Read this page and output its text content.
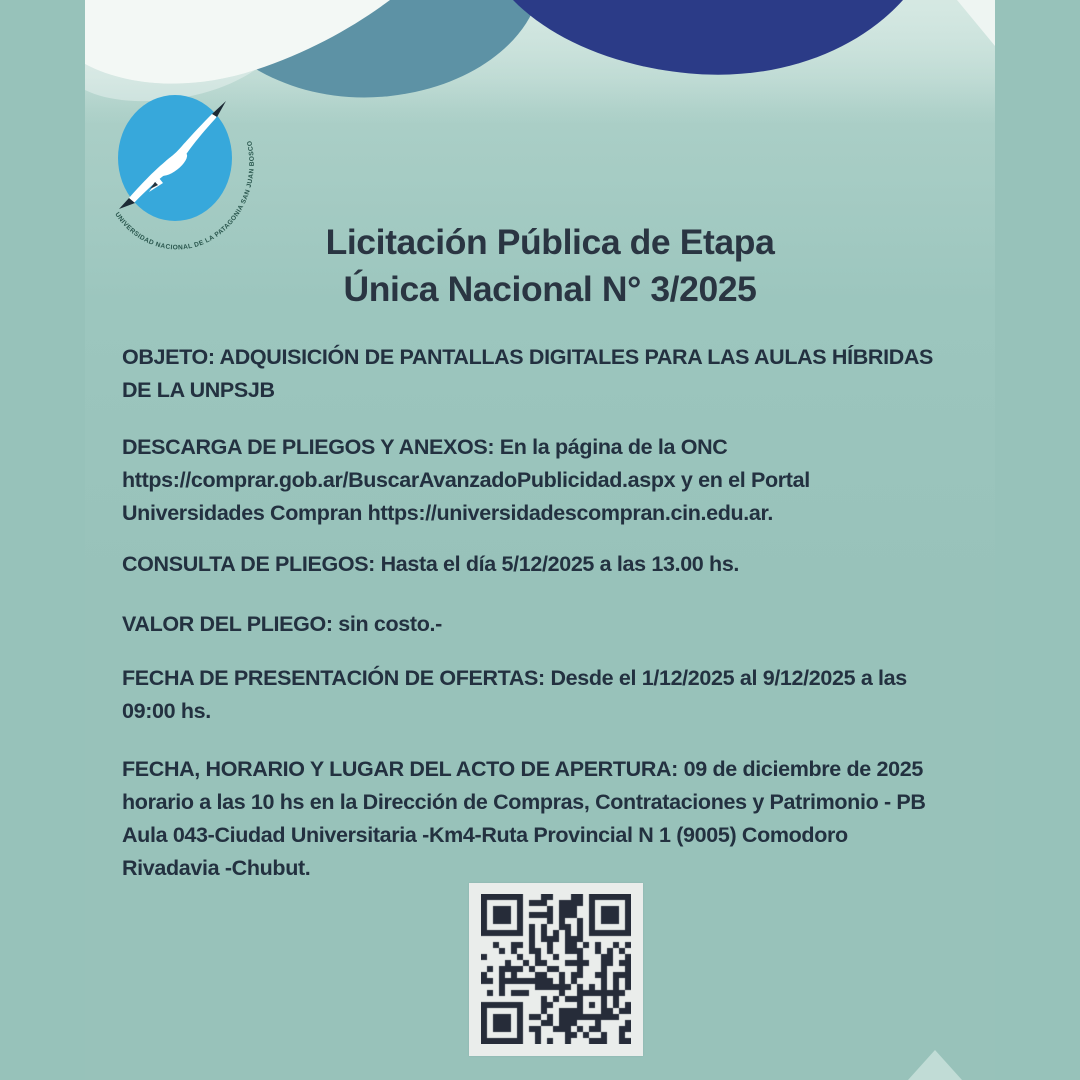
UNIVERSIDAD NACIONAL DE LA PATAGONIA SAN JUAN BOSCO
Licitación Pública de Etapa
Única Nacional N° 3/2025
OBJETO: ADQUISICIÓN DE PANTALLAS DIGITALES PARA LAS AULAS HÍBRIDAS
DE LA UNPSJB
DESCARGA DE PLIEGOS Y ANEXOS: En la página de la ONC
https://comprar.gob.ar/BuscarAvanzadoPublicidad.aspx y en el Portal
Universidades Compran https://universidadescompran.cin.edu.ar.
CONSULTA DE PLIEGOS: Hasta el día 5/12/2025 a las 13.00 hs.
VALOR DEL PLIEGO: sin costo.-
FECHA DE PRESENTACIÓN DE OFERTAS: Desde el 1/12/2025 al 9/12/2025 a las
09:00 hs.
FECHA, HORARIO Y LUGAR DEL ACTO DE APERTURA: 09 de diciembre de 2025
horario a las 10 hs en la Dirección de Compras, Contrataciones y Patrimonio - PB
Aula 043-Ciudad Universitaria -Km4-Ruta Provincial N 1 (9005) Comodoro
Rivadavia -Chubut.
